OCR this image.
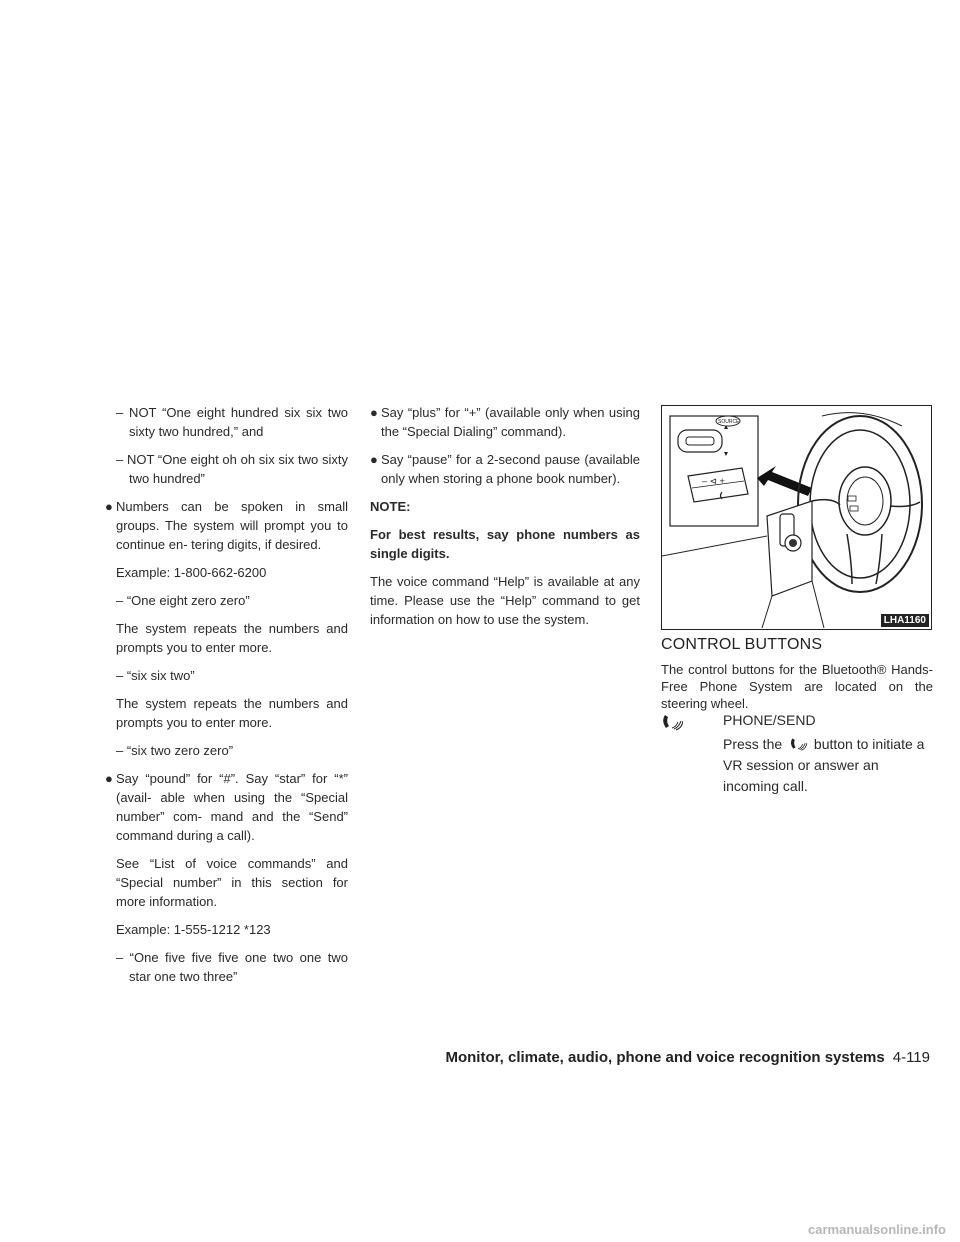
– NOT “One eight hundred six six two sixty two hundred,” and

– NOT “One eight oh oh six six two sixty two hundred”

● Numbers can be spoken in small groups. The system will prompt you to continue en- tering digits, if desired.

Example: 1-800-662-6200

– “One eight zero zero”

The system repeats the numbers and prompts you to enter more.

– “six six two”

The system repeats the numbers and prompts you to enter more.

– “six two zero zero”

● Say “pound” for “#”. Say “star” for “*” (avail- able when using the “Special number” com- mand and the “Send” command during a call).

See “List of voice commands” and “Special number” in this section for more information.

Example: 1-555-1212 *123

– “One five five five one two one two star one two three”

● Say “plus” for “+” (available only when using the “Special Dialing” command).

● Say “pause” for a 2-second pause (available only when storing a phone book number).

NOTE:

For best results, say phone numbers as single digits.

The voice command “Help” is available at any time. Please use the “Help” command to get information on how to use the system.

SOURCE
– ⊲ +
LHA1160
CONTROL BUTTONS
The control buttons for the Bluetooth® Hands- Free Phone System are located on the steering wheel.
PHONE/SEND
Press the button to initiate a VR session or answer an incoming call.
Monitor, climate, audio, phone and voice recognition systems 4-119
carmanualsonline.info
